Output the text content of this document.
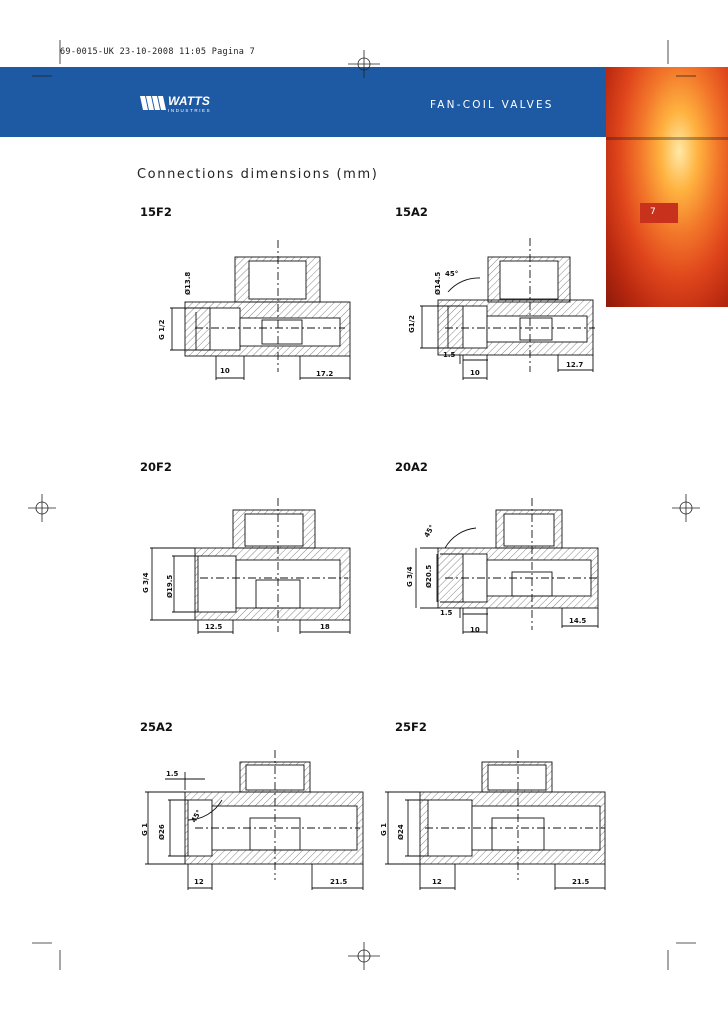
69-0015-UK 23-10-2008 11:05 Pagina 7
WATTS
INDUSTRIES	FAN-COIL VALVES
7
Connections dimensions (mm)
15F2	15A2
20F2	20A2
25A2	25F2
G 1/2
Ø13.8
10	17.2
G1/2
Ø14.5 45°
1.5
10
12.7
G 3/4 Ø19.5
12.5	18
G 3/4 Ø20.5
45°
1.5
10
14.5
G 1 Ø26
45°
1.5
12	21.5
G 1 Ø24
12	21.5
